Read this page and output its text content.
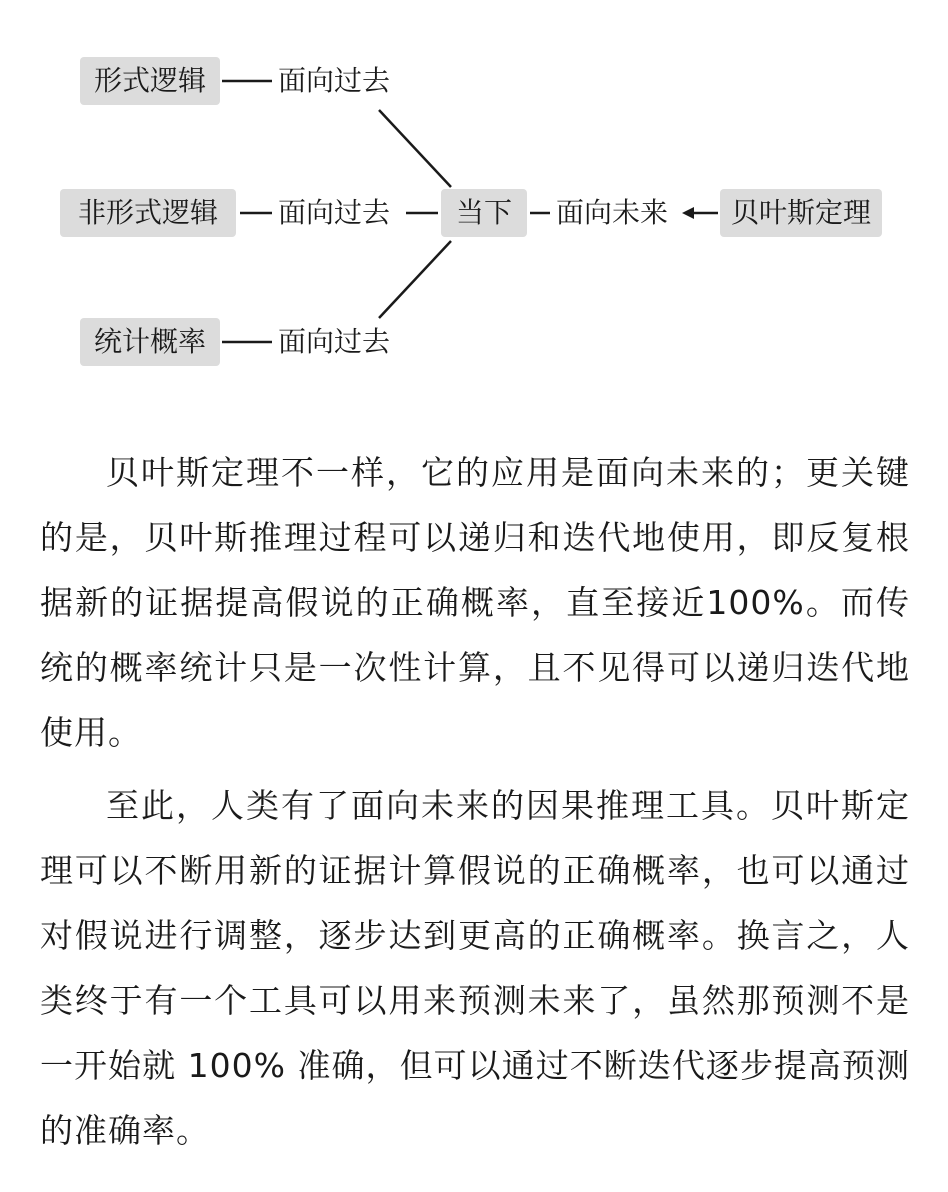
形式逻辑	面向过去
非形式逻辑	面向过去	当下	面向未来	贝叶斯定理
统计概率	面向过去

贝叶斯定理不一样，它的应用是面向未来的；更关键的是，贝叶斯推理过程可以递归和迭代地使用，即反复根据新的证据提高假说的正确概率，直至接近100%。而传统的概率统计只是一次性计算，且不见得可以递归迭代地使用。

至此，人类有了面向未来的因果推理工具。贝叶斯定理可以不断用新的证据计算假说的正确概率，也可以通过对假说进行调整，逐步达到更高的正确概率。换言之，人类终于有一个工具可以用来预测未来了，虽然那预测不是一开始就 100% 准确，但可以通过不断迭代逐步提高预测的准确率。
